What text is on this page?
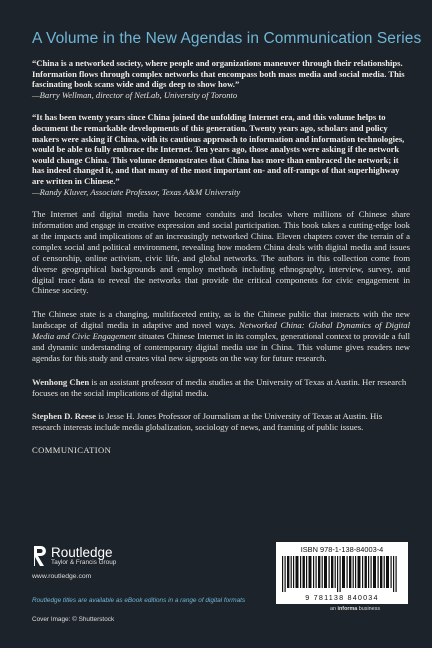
A Volume in the New Agendas in Communication Series

“China is a networked society, where people and organizations maneuver through their relationships. Information flows through complex networks that encompass both mass media and social media. This fascinating book scans wide and digs deep to show how.”

—Barry Wellman, director of NetLab, University of Toronto

“It has been twenty years since China joined the unfolding Internet era, and this volume helps to document the remarkable developments of this generation. Twenty years ago, scholars and policy makers were asking if China, with its cautious approach to information and information technologies, would be able to fully embrace the Internet. Ten years ago, those analysts were asking if the network would change China. This volume demonstrates that China has more than embraced the network; it has indeed changed it, and that many of the most important on- and off-ramps of that superhighway are written in Chinese.”

—Randy Kluver, Associate Professor, Texas A&M University

The Internet and digital media have become conduits and locales where millions of Chinese share information and engage in creative expression and social participation. This book takes a cutting-edge look at the impacts and implications of an increasingly networked China. Eleven chapters cover the terrain of a complex social and political environment, revealing how modern China deals with digital media and issues of censorship, online activism, civic life, and global networks. The authors in this collection come from diverse geographical backgrounds and employ methods including ethnography, interview, survey, and digital trace data to reveal the networks that provide the critical components for civic engagement in Chinese society.

The Chinese state is a changing, multifaceted entity, as is the Chinese public that interacts with the new landscape of digital media in adaptive and novel ways. Networked China: Global Dynamics of Digital Media and Civic Engagement situates Chinese Internet in its complex, generational context to provide a full and dynamic understanding of contemporary digital media use in China. This volume gives readers new agendas for this study and creates vital new signposts on the way for future research.

Wenhong Chen is an assistant professor of media studies at the University of Texas at Austin. Her research focuses on the social implications of digital media.

Stephen D. Reese is Jesse H. Jones Professor of Journalism at the University of Texas at Austin. His research interests include media globalization, sociology of news, and framing of public issues.

COMMUNICATION
Routledge
Taylor & Francis Group
www.routledge.com
Routledge titles are available as eBook editions in a range of digital formats
Cover Image: © Shutterstock
ISBN 978-1-138-84003-4
9 781138 840034
an informa business
